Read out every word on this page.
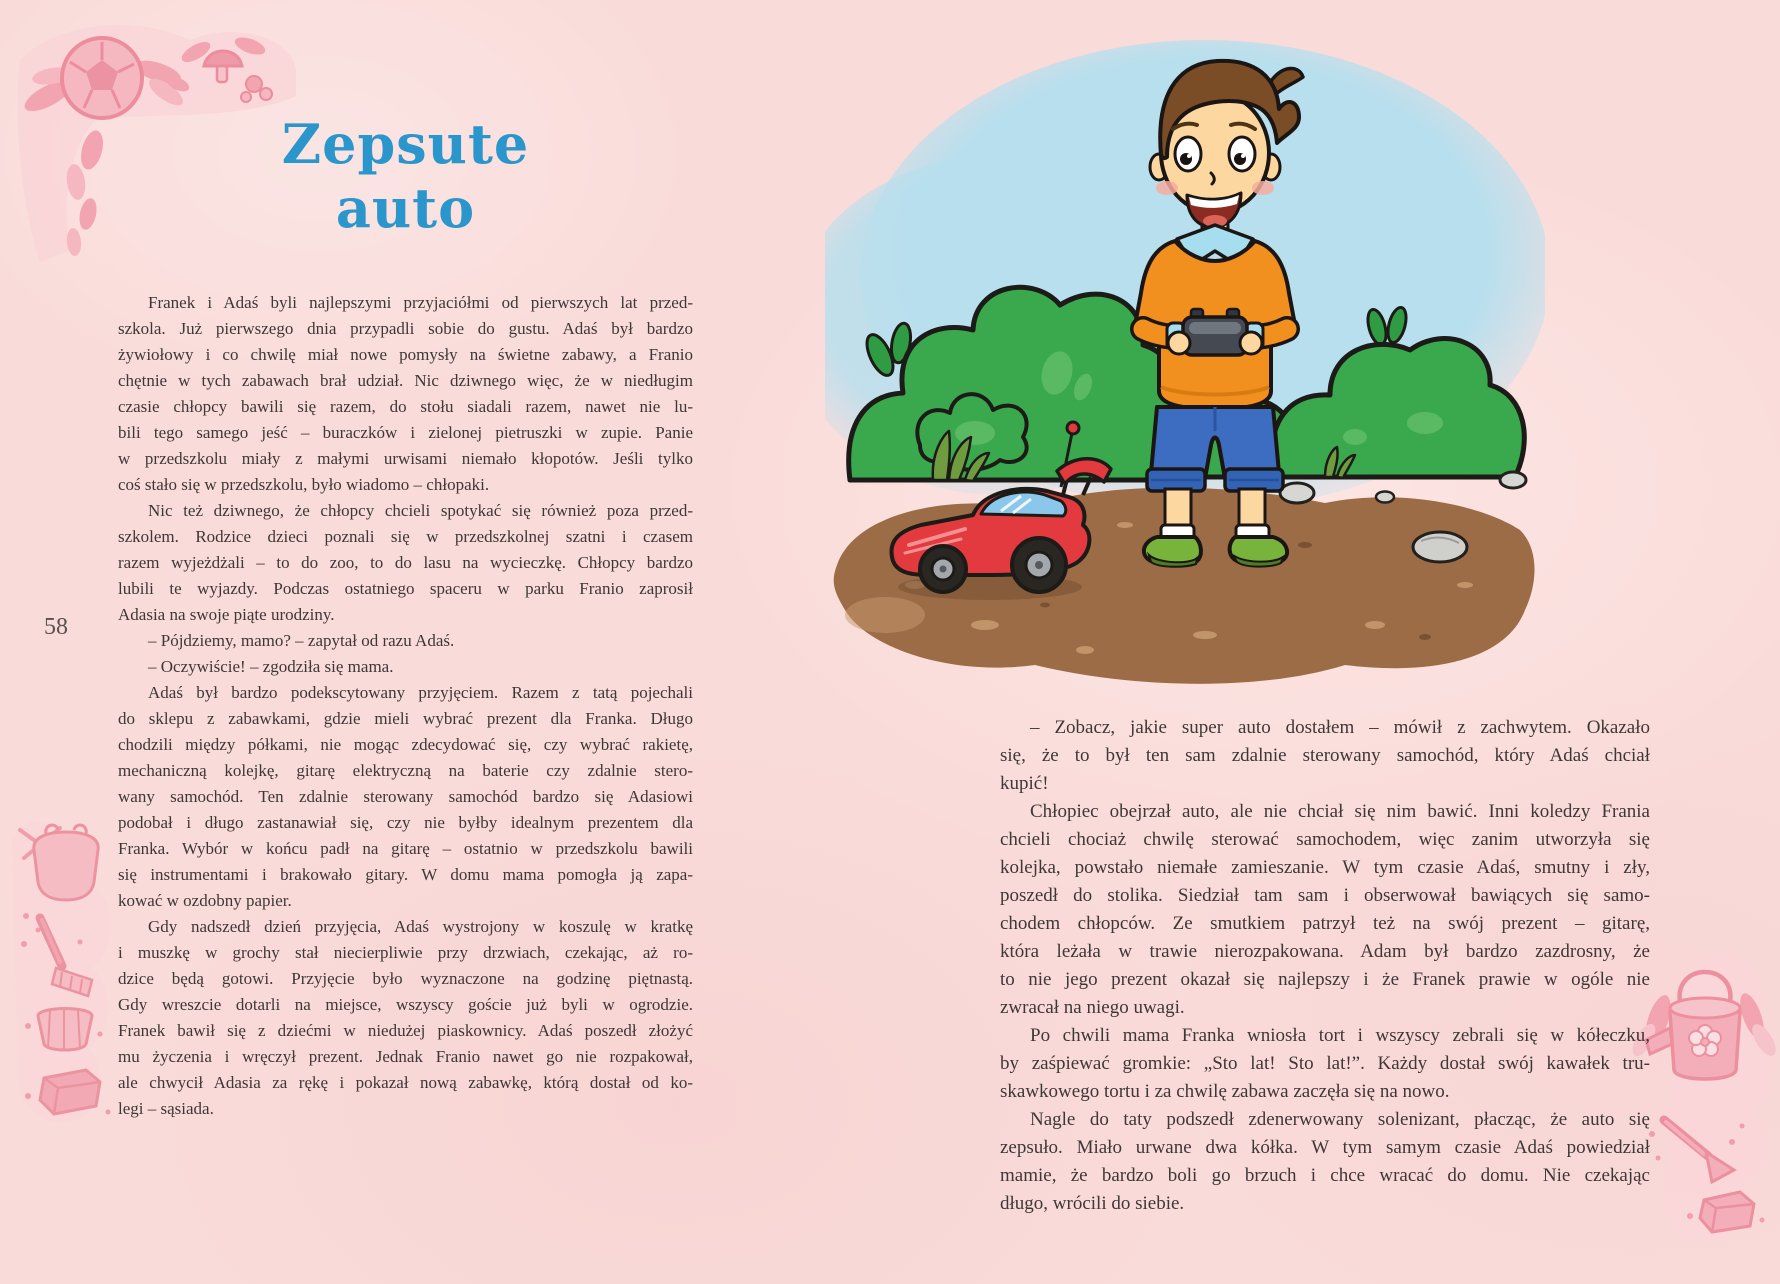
Zepsute
auto
Franek i Adaś byli najlepszymi przyjaciółmi od pierwszych lat przed-
szkola. Już pierwszego dnia przypadli sobie do gustu. Adaś był bardzo
żywiołowy i co chwilę miał nowe pomysły na świetne zabawy, a Franio
chętnie w tych zabawach brał udział. Nic dziwnego więc, że w niedługim
czasie chłopcy bawili się razem, do stołu siadali razem, nawet nie lu-
bili tego samego jeść – buraczków i zielonej pietruszki w zupie. Panie
w przedszkolu miały z małymi urwisami niemało kłopotów. Jeśli tylko
coś stało się w przedszkolu, było wiadomo – chłopaki.
Nic też dziwnego, że chłopcy chcieli spotykać się również poza przed-
szkolem. Rodzice dzieci poznali się w przedszkolnej szatni i czasem
razem wyjeżdżali – to do zoo, to do lasu na wycieczkę. Chłopcy bardzo
lubili te wyjazdy. Podczas ostatniego spaceru w parku Franio zaprosił
Adasia na swoje piąte urodziny.
– Pójdziemy, mamo? – zapytał od razu Adaś.
– Oczywiście! – zgodziła się mama.
Adaś był bardzo podekscytowany przyjęciem. Razem z tatą pojechali
do sklepu z zabawkami, gdzie mieli wybrać prezent dla Franka. Długo
chodzili między półkami, nie mogąc zdecydować się, czy wybrać rakietę,
mechaniczną kolejkę, gitarę elektryczną na baterie czy zdalnie stero-
wany samochód. Ten zdalnie sterowany samochód bardzo się Adasiowi
podobał i długo zastanawiał się, czy nie byłby idealnym prezentem dla
Franka. Wybór w końcu padł na gitarę – ostatnio w przedszkolu bawili
się instrumentami i brakowało gitary. W domu mama pomogła ją zapa-
kować w ozdobny papier.
Gdy nadszedł dzień przyjęcia, Adaś wystrojony w koszulę w kratkę
i muszkę w grochy stał niecierpliwie przy drzwiach, czekając, aż ro-
dzice będą gotowi. Przyjęcie było wyznaczone na godzinę piętnastą.
Gdy wreszcie dotarli na miejsce, wszyscy goście już byli w ogrodzie.
Franek bawił się z dziećmi w niedużej piaskownicy. Adaś poszedł złożyć
mu życzenia i wręczył prezent. Jednak Franio nawet go nie rozpakował,
ale chwycił Adasia za rękę i pokazał nową zabawkę, którą dostał od ko-
legi – sąsiada.
58
– Zobacz, jakie super auto dostałem – mówił z zachwytem. Okazało
się, że to był ten sam zdalnie sterowany samochód, który Adaś chciał
kupić!
Chłopiec obejrzał auto, ale nie chciał się nim bawić. Inni koledzy Frania
chcieli chociaż chwilę sterować samochodem, więc zanim utworzyła się
kolejka, powstało niemałe zamieszanie. W tym czasie Adaś, smutny i zły,
poszedł do stolika. Siedział tam sam i obserwował bawiących się samo-
chodem chłopców. Ze smutkiem patrzył też na swój prezent – gitarę,
która leżała w trawie nierozpakowana. Adam był bardzo zazdrosny, że
to nie jego prezent okazał się najlepszy i że Franek prawie w ogóle nie
zwracał na niego uwagi.
Po chwili mama Franka wniosła tort i wszyscy zebrali się w kółeczku,
by zaśpiewać gromkie: „Sto lat! Sto lat!”. Każdy dostał swój kawałek tru-
skawkowego tortu i za chwilę zabawa zaczęła się na nowo.
Nagle do taty podszedł zdenerwowany solenizant, płacząc, że auto się
zepsuło. Miało urwane dwa kółka. W tym samym czasie Adaś powiedział
mamie, że bardzo boli go brzuch i chce wracać do domu. Nie czekając
długo, wrócili do siebie.
